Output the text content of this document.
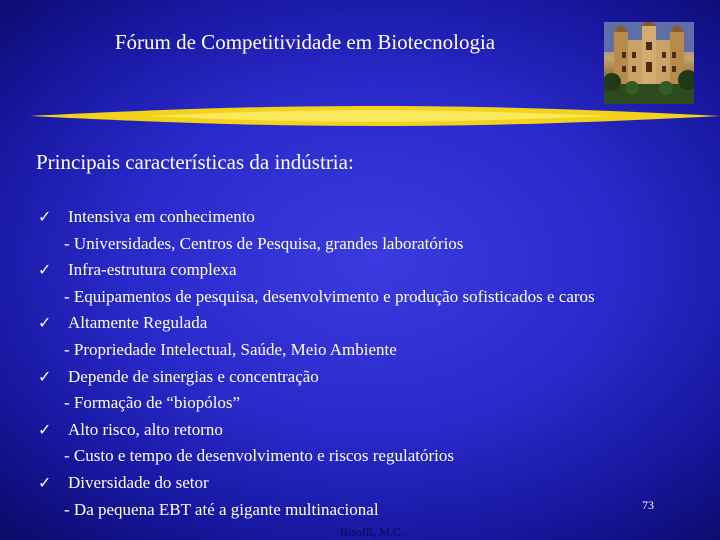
Fórum de Competitividade em Biotecnologia
Principais características da indústria:
✓ Intensiva em conhecimento
- Universidades, Centros de Pesquisa, grandes laboratórios
✓ Infra-estrutura complexa
- Equipamentos de pesquisa, desenvolvimento e produção sofisticados e caros
✓ Altamente Regulada
- Propriedade Intelectual, Saúde, Meio Ambiente
✓ Depende de sinergias e concentração
- Formação de “biopólos”
✓ Alto risco, alto retorno
- Custo e tempo de desenvolvimento e riscos regulatórios
✓ Diversidade do setor
- Da pequena EBT até a gigante multinacional	73
Bisoffi, M.C.
